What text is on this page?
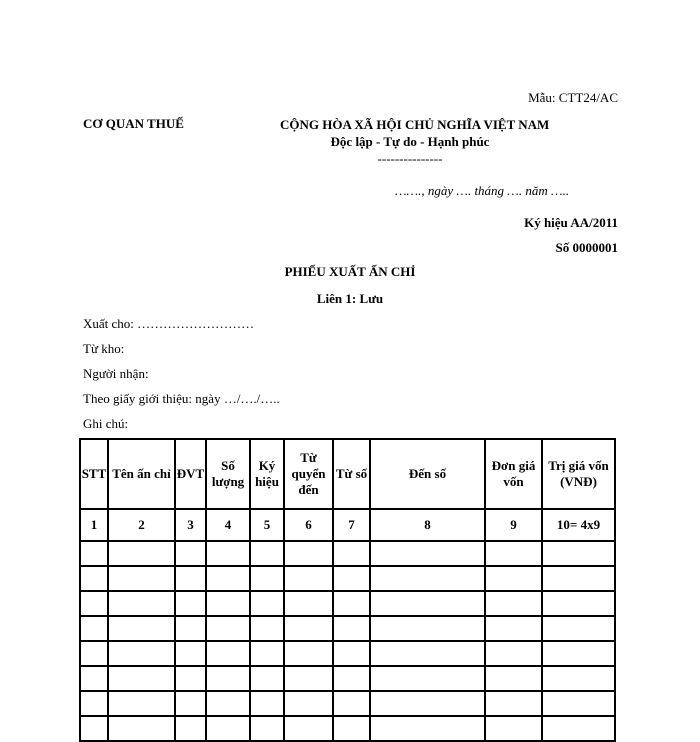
Mẫu: CTT24/AC
CƠ QUAN THUẾ	CỘNG HÒA XÃ HỘI CHỦ NGHĨA VIỆT NAM
Độc lập - Tự do - Hạnh phúc
---------------
……., ngày …. tháng …. năm …..
Ký hiệu AA/2011
Số 0000001
PHIẾU XUẤT ẤN CHỈ
Liên 1: Lưu
Xuất cho: ………………………
Từ kho:
Người nhận:
Theo giấy giới thiệu: ngày …/…./…..
Ghi chú:
STT	Tên ấn chỉ	ĐVT	Số lượng	Ký hiệu	Từ quyển đến	Từ số	Đến số	Đơn giá vốn	Trị giá vốn (VNĐ)
1	2	3	4	5	6	7	8	9	10= 4x9
